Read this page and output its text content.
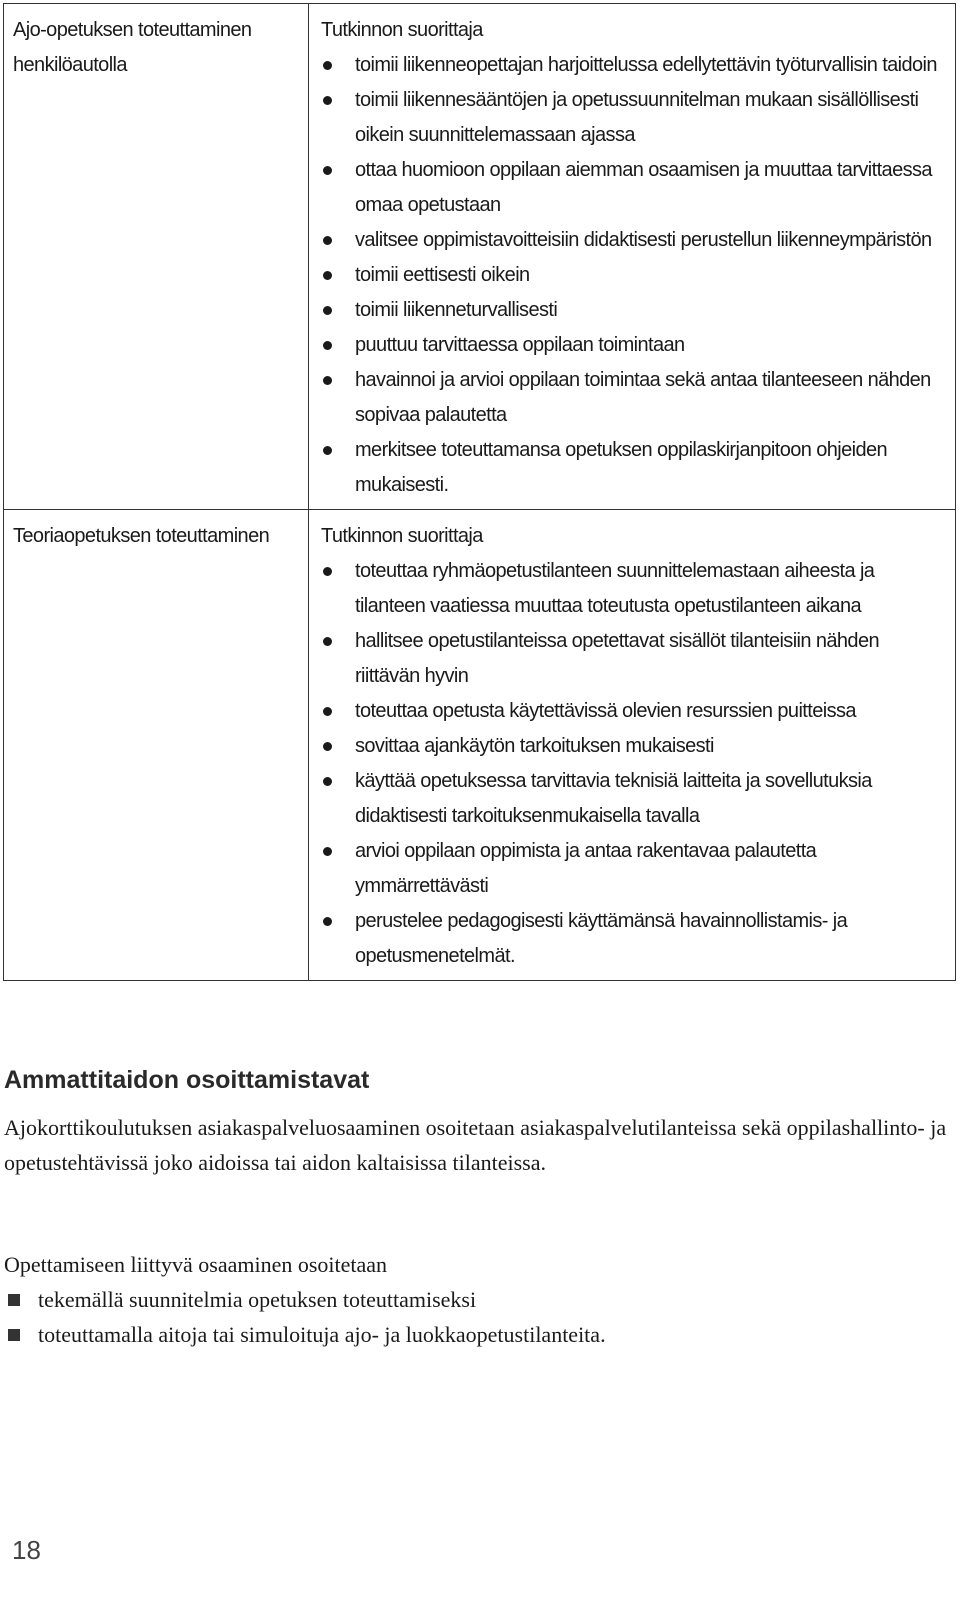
Ajo-opetuksen toteuttaminen henkilöautolla

Tutkinnon suorittaja

toimii liikenneopettajan harjoittelussa edellytettävin työturvallisin taidoin
toimii liikennesääntöjen ja opetussuunnitelman mukaan sisällöllisesti oikein suunnittelemassaan ajassa
ottaa huomioon oppilaan aiemman osaamisen ja muuttaa tarvittaessa omaa opetustaan
valitsee oppimistavoitteisiin didaktisesti perustellun liikenneympäristön
toimii eettisesti oikein
toimii liikenneturvallisesti
puuttuu tarvittaessa oppilaan toimintaan
havainnoi ja arvioi oppilaan toimintaa sekä antaa tilanteeseen nähden sopivaa palautetta
merkitsee toteuttamansa opetuksen oppilaskirjanpitoon ohjeiden mukaisesti.
Teoriaopetuksen toteuttaminen	Tutkinnon suorittaja

toteuttaa ryhmäopetustilanteen suunnittelemastaan aiheesta ja tilanteen vaatiessa muuttaa toteutusta opetustilanteen aikana
hallitsee opetustilanteissa opetettavat sisällöt tilanteisiin nähden riittävän hyvin
toteuttaa opetusta käytettävissä olevien resurssien puitteissa
sovittaa ajankäytön tarkoituksen mukaisesti
käyttää opetuksessa tarvittavia teknisiä laitteita ja sovellutuksia didaktisesti tarkoituksenmukaisella tavalla
arvioi oppilaan oppimista ja antaa rakentavaa palautetta ymmärrettävästi
perustelee pedagogisesti käyttämänsä havainnollistamis- ja opetusmenetelmät.
Ammattitaidon osoittamistavat

Ajokorttikoulutuksen asiakaspalveluosaaminen osoitetaan asiakaspalvelutilanteissa sekä oppilashallinto- ja opetustehtävissä joko aidoissa tai aidon kaltaisissa tilanteissa.

Opettamiseen liittyvä osaaminen osoitetaan

tekemällä suunnitelmia opetuksen toteuttamiseksi
toteuttamalla aitoja tai simuloituja ajo- ja luokkaopetustilanteita.

18
